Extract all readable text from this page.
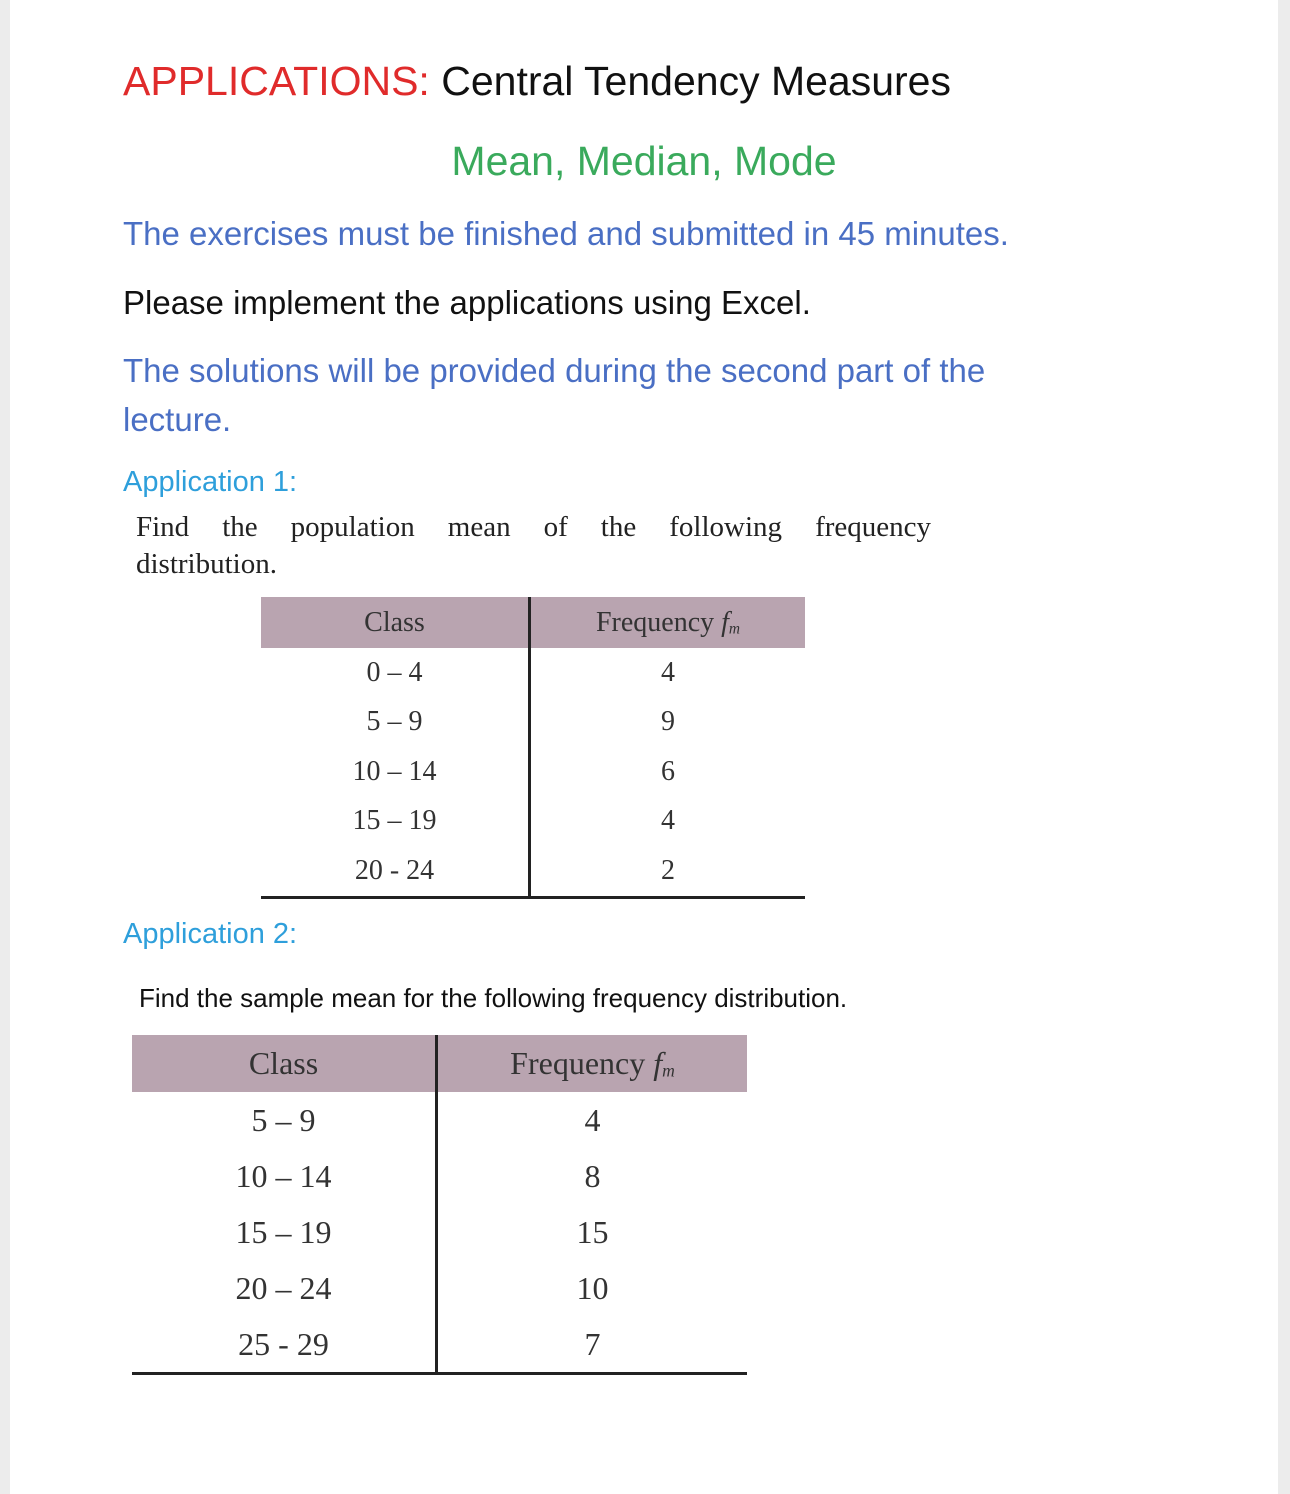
APPLICATIONS: Central Tendency Measures
Mean, Median, Mode
The exercises must be finished and submitted in 45 minutes.
Please implement the applications using Excel.
The solutions will be provided during the second part of the
lecture.
Application 1:
Find the population mean of the following frequency
distribution.
Class	Frequency fm
0 – 4	4
5 – 9	9
10 – 14	6
15 – 19	4
20 - 24	2
Application 2:
Find the sample mean for the following frequency distribution.
Class	Frequency fm
5 – 9	4
10 – 14	8
15 – 19	15
20 – 24	10
25 - 29	7
